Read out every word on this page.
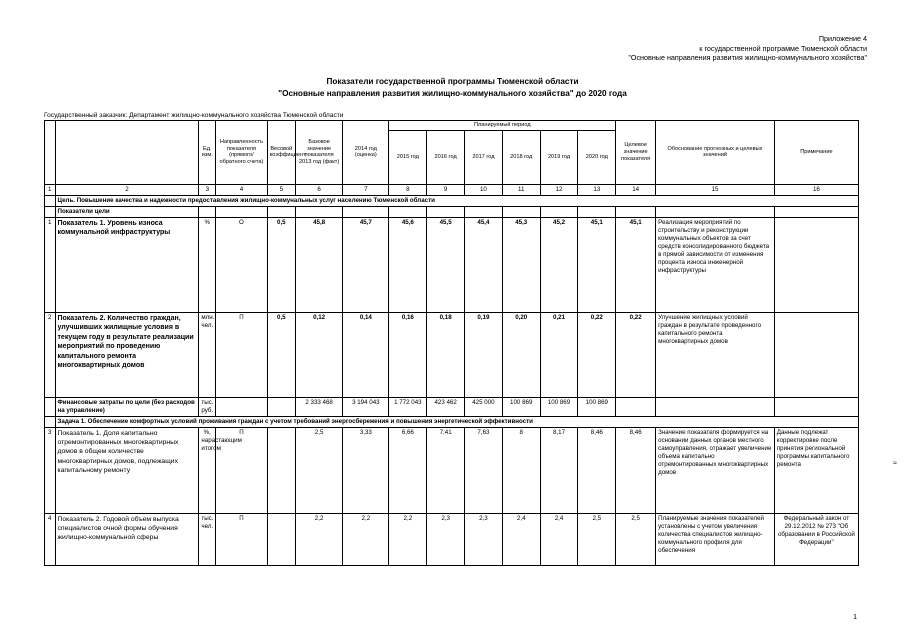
Приложение 4
к государственной программе Тюменской области
"Основные направления развития жилищно-коммунального хозяйства"
Показатели государственной программы Тюменской области
"Основные направления развития жилищно-коммунального хозяйства" до 2020 года
Государственный заказчик: Департамент жилищно-коммунального хозяйства Тюменской области
		Ед. изм.	Направленность показателя (прямого/обратного счета)	Весовой коэффициент	Базовое значение показателя 2013 год (факт)	2014 год (оценка)	Планируемый период						Целевое значение показателя	Обоснование прогнозных и целевых значений	Примечание
							2015 год	2016 год	2017 год	2018 год	2019 год	2020 год			
1	2	3	4	5	6	7	8	9	10	11	12	13	14	15	16
	Цель. Повышение качества и надежности предоставления жилищно-коммунальных услуг населению Тюменской области														
	Показатели цели														
1	Показатель 1. Уровень износа коммунальной инфраструктуры	%	О	0,5	45,8	45,7	45,6	45,5	45,4	45,3	45,2	45,1	45,1	Реализация мероприятий по строительству и реконструкции коммунальных объектов за счет средств консолидированного бюджета в прямой зависимости от изменения процента износа инженерной инфраструктуры	
2	Показатель 2. Количество граждан, улучшивших жилищные условия в текущем году в результате реализации мероприятий по проведению капитального ремонта многоквартирных домов	млн. чел.	П	0,5	0,12	0,14	0,16	0,18	0,19	0,20	0,21	0,22	0,22	Улучшение жилищных условий граждан в результате проведенного капитального ремонта многоквартирных домов	
	Финансовые затраты по цели (без расходов на управление)	тыс. руб.			2 333 468	3 194 043	1 772 043	423 462	425 000	100 869	100 869	100 869			
	Задача 1. Обеспечение комфортных условий проживания граждан с учетом требований энергосбережения и повышения энергетической эффективности														
3	Показатель 1. Доля капитально отремонтированных многоквартирных домов в общем количестве многоквартирных домов, подлежащих капитальному ремонту	%, нарастающим итогом	П		2,5	3,33	6,66	7,41	7,63	8	8,17	8,46	8,46	Значение показателя формируется на основании данных органов местного самоуправления, отражает увеличение объема капитально отремонтированных многоквартирных домов	Данные подлежат корректировке после принятия региональной программы капитального ремонта
4	Показатель 2. Годовой объем выпуска специалистов очной формы обучения жилищно-коммунальной сферы	тыс. чел.	П		2,2	2,2	2,2	2,3	2,3	2,4	2,4	2,5	2,5	Планируемые значения показателей установлены с учетом увеличения количества специалистов жилищно-коммунального профиля для обеспечения	Федеральный закон от 29.12.2012 № 273 "Об образовании в Российской Федерации"
≈
1
